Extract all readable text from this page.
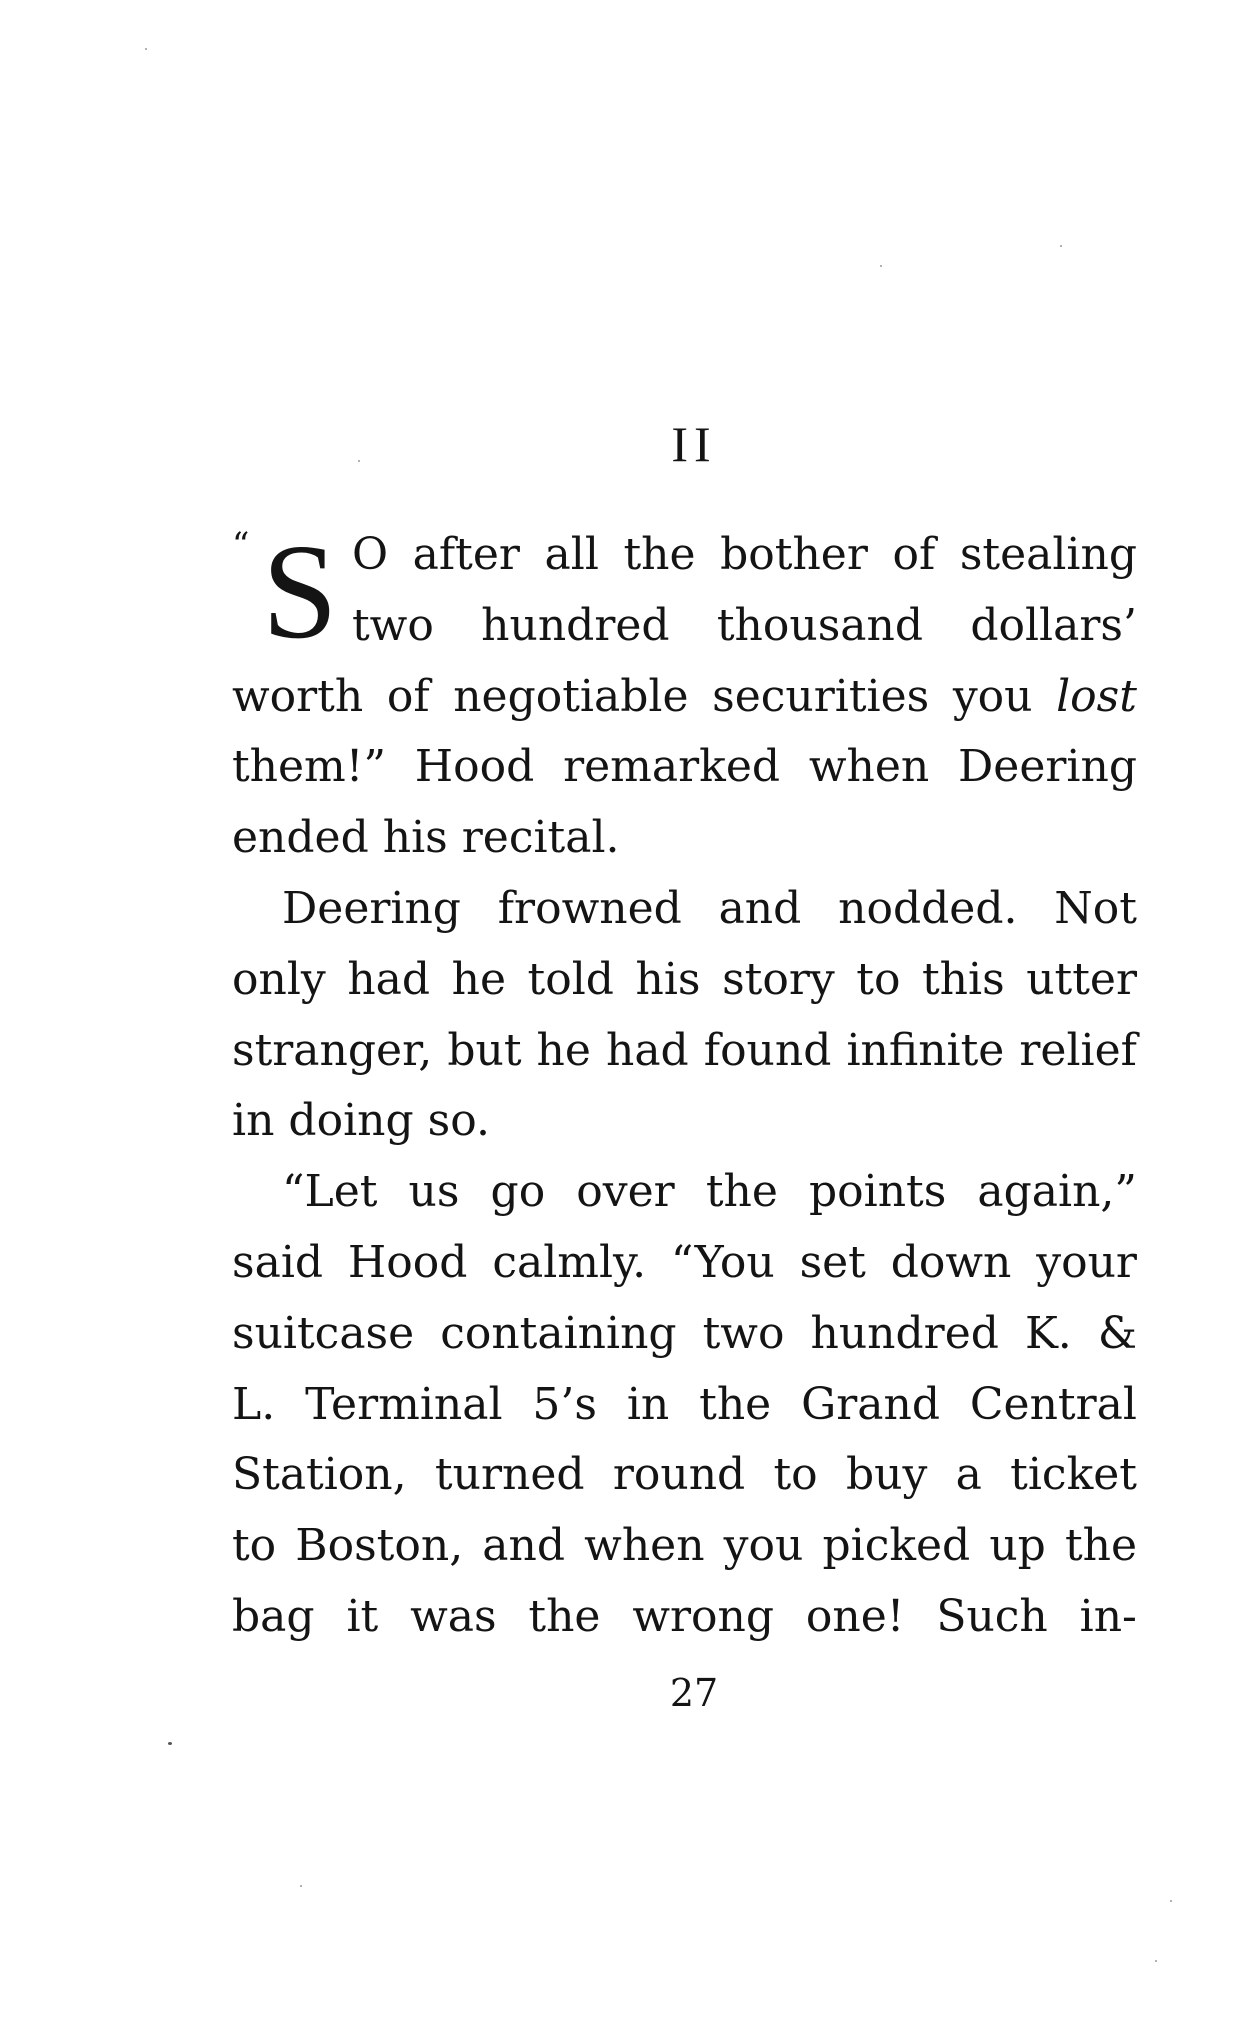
II
“ S O after all the bother of stealing
two hundred thousand dollars’
worth of negotiable securities you lost
them!” Hood remarked when Deering
ended his recital.
Deering frowned and nodded. Not
only had he told his story to this utter
stranger, but he had found infinite relief
in doing so.
“Let us go over the points again,”
said Hood calmly. “You set down your
suitcase containing two hundred K. &
L. Terminal 5’s in the Grand Central
Station, turned round to buy a ticket
to Boston, and when you picked up the
bag it was the wrong one! Such in-
27
